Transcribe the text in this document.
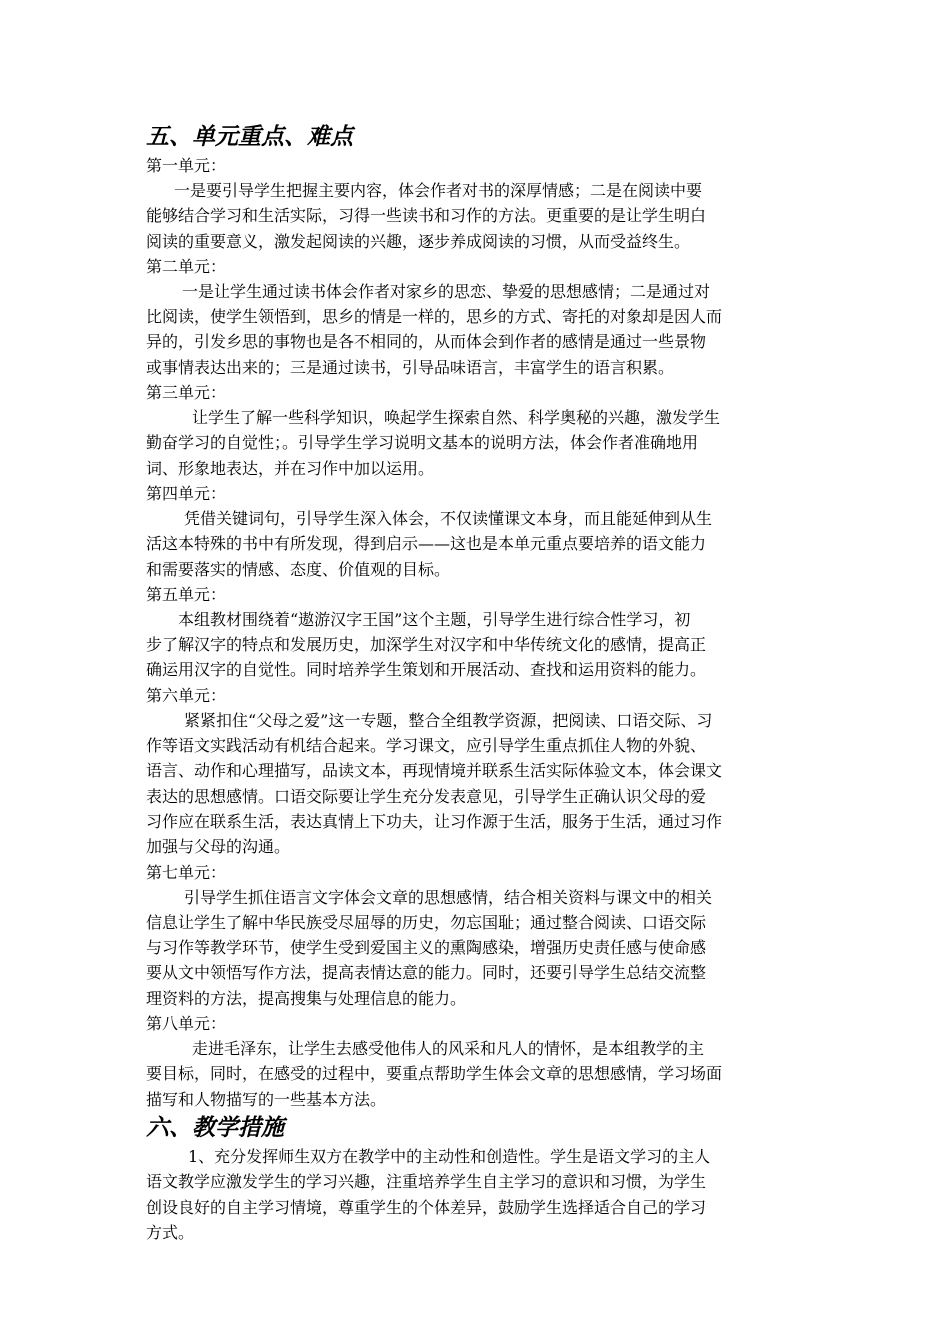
五、单元重点、难点
第一单元：
一是要引导学生把握主要内容，体会作者对书的深厚情感；二是在阅读中要
能够结合学习和生活实际，习得一些读书和习作的方法。更重要的是让学生明白
阅读的重要意义，激发起阅读的兴趣，逐步养成阅读的习惯，从而受益终生。
第二单元：
一是让学生通过读书体会作者对家乡的思恋、挚爱的思想感情；二是通过对
比阅读，使学生领悟到，思乡的情是一样的，思乡的方式、寄托的对象却是因人而
异的，引发乡思的事物也是各不相同的，从而体会到作者的感情是通过一些景物
或事情表达出来的；三是通过读书，引导品味语言，丰富学生的语言积累。
第三单元：
让学生了解一些科学知识，唤起学生探索自然、科学奥秘的兴趣，激发学生
勤奋学习的自觉性；。引导学生学习说明文基本的说明方法，体会作者准确地用
词、形象地表达，并在习作中加以运用。
第四单元：
凭借关键词句，引导学生深入体会，不仅读懂课文本身，而且能延伸到从生
活这本特殊的书中有所发现，得到启示——这也是本单元重点要培养的语文能力
和需要落实的情感、态度、价值观的目标。
第五单元：
本组教材围绕着“遨游汉字王国”这个主题，引导学生进行综合性学习，初
步了解汉字的特点和发展历史，加深学生对汉字和中华传统文化的感情，提高正
确运用汉字的自觉性。同时培养学生策划和开展活动、查找和运用资料的能力。
第六单元：
紧紧扣住“父母之爱”这一专题，整合全组教学资源，把阅读、口语交际、习
作等语文实践活动有机结合起来。学习课文，应引导学生重点抓住人物的外貌、
语言、动作和心理描写，品读文本，再现情境并联系生活实际体验文本，体会课文
表达的思想感情。口语交际要让学生充分发表意见，引导学生正确认识父母的爱
习作应在联系生活，表达真情上下功夫，让习作源于生活，服务于生活，通过习作
加强与父母的沟通。
第七单元：
引导学生抓住语言文字体会文章的思想感情，结合相关资料与课文中的相关
信息让学生了解中华民族受尽屈辱的历史，勿忘国耻；通过整合阅读、口语交际
与习作等教学环节，使学生受到爱国主义的熏陶感染，增强历史责任感与使命感
要从文中领悟写作方法，提高表情达意的能力。同时，还要引导学生总结交流整
理资料的方法，提高搜集与处理信息的能力。
第八单元：
走进毛泽东，让学生去感受他伟人的风采和凡人的情怀，是本组教学的主
要目标，同时，在感受的过程中，要重点帮助学生体会文章的思想感情，学习场面
描写和人物描写的一些基本方法。
六、教学措施
1、充分发挥师生双方在教学中的主动性和创造性。学生是语文学习的主人
语文教学应激发学生的学习兴趣，注重培养学生自主学习的意识和习惯，为学生
创设良好的自主学习情境，尊重学生的个体差异，鼓励学生选择适合自己的学习
方式。
